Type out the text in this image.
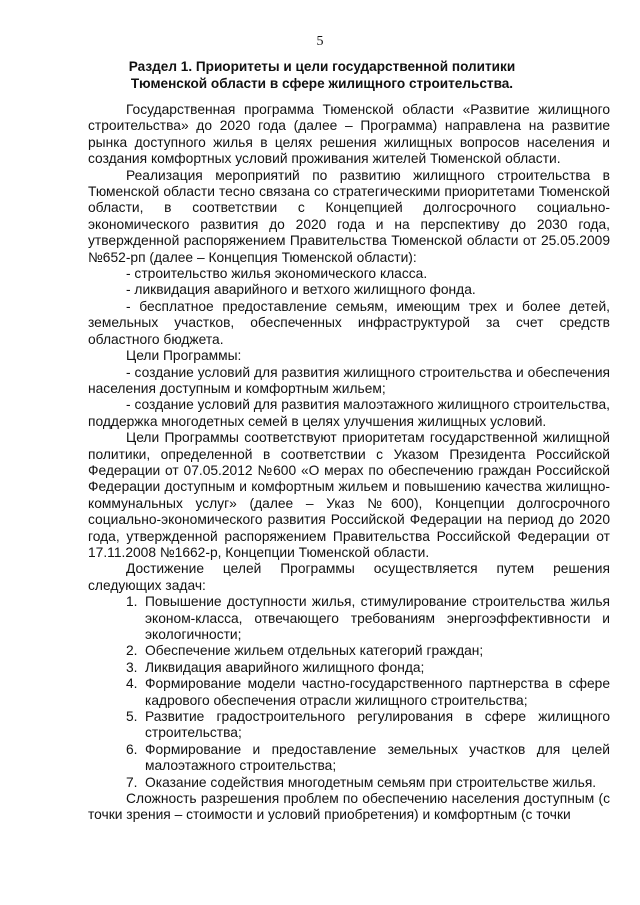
5
Раздел 1. Приоритеты и цели государственной политики
Тюменской области в сфере жилищного строительства.

Государственная программа Тюменской области «Развитие жилищного строительства» до 2020 года (далее – Программа) направлена на развитие рынка доступного жилья в целях решения жилищных вопросов населения и создания комфортных условий проживания жителей Тюменской области.

Реализация мероприятий по развитию жилищного строительства в Тюменской области тесно связана со стратегическими приоритетами Тюменской области, в соответствии с Концепцией долгосрочного социально-экономического развития до 2020 года и на перспективу до 2030 года, утвержденной распоряжением Правительства Тюменской области от 25.05.2009 №652-рп (далее – Концепция Тюменской области):

- строительство жилья экономического класса.

- ликвидация аварийного и ветхого жилищного фонда.

- бесплатное предоставление семьям, имеющим трех и более детей, земельных участков, обеспеченных инфраструктурой за счет средств областного бюджета.

Цели Программы:

- создание условий для развития жилищного строительства и обеспечения населения доступным и комфортным жильем;

- создание условий для развития малоэтажного жилищного строительства, поддержка многодетных семей в целях улучшения жилищных условий.

Цели Программы соответствуют приоритетам государственной жилищной политики, определенной в соответствии с Указом Президента Российской Федерации от 07.05.2012 №600 «О мерах по обеспечению граждан Российской Федерации доступным и комфортным жильем и повышению качества жилищно-коммунальных услуг» (далее – Указ №600), Концепции долгосрочного социально-экономического развития Российской Федерации на период до 2020 года, утвержденной распоряжением Правительства Российской Федерации от 17.11.2008 №1662-р, Концепции Тюменской области.

Достижение целей Программы осуществляется путем решения следующих задач:

1. Повышение доступности жилья, стимулирование строительства жилья эконом-класса, отвечающего требованиям энергоэффективности и экологичности;
2. Обеспечение жильем отдельных категорий граждан;
3. Ликвидация аварийного жилищного фонда;
4. Формирование модели частно-государственного партнерства в сфере кадрового обеспечения отрасли жилищного строительства;
5. Развитие градостроительного регулирования в сфере жилищного строительства;
6. Формирование и предоставление земельных участков для целей малоэтажного строительства;
7. Оказание содействия многодетным семьям при строительстве жилья.

Сложность разрешения проблем по обеспечению населения доступным (с точки зрения – стоимости и условий приобретения) и комфортным (с точки
